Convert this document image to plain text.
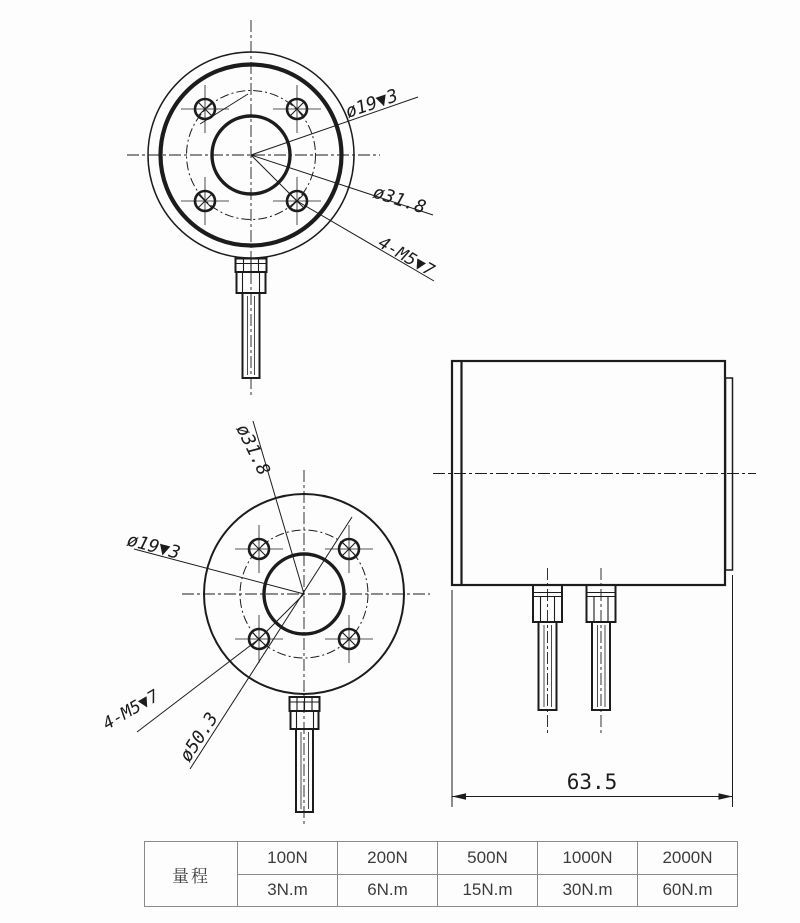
ø19▼3
ø31.8
4-M5▼7
ø31.8
ø19▼3
4-M5▼7 ø50.3
63.5
量程	100N	200N	500N	1000N	2000N
	3N.m	6N.m	15N.m	30N.m	60N.m
